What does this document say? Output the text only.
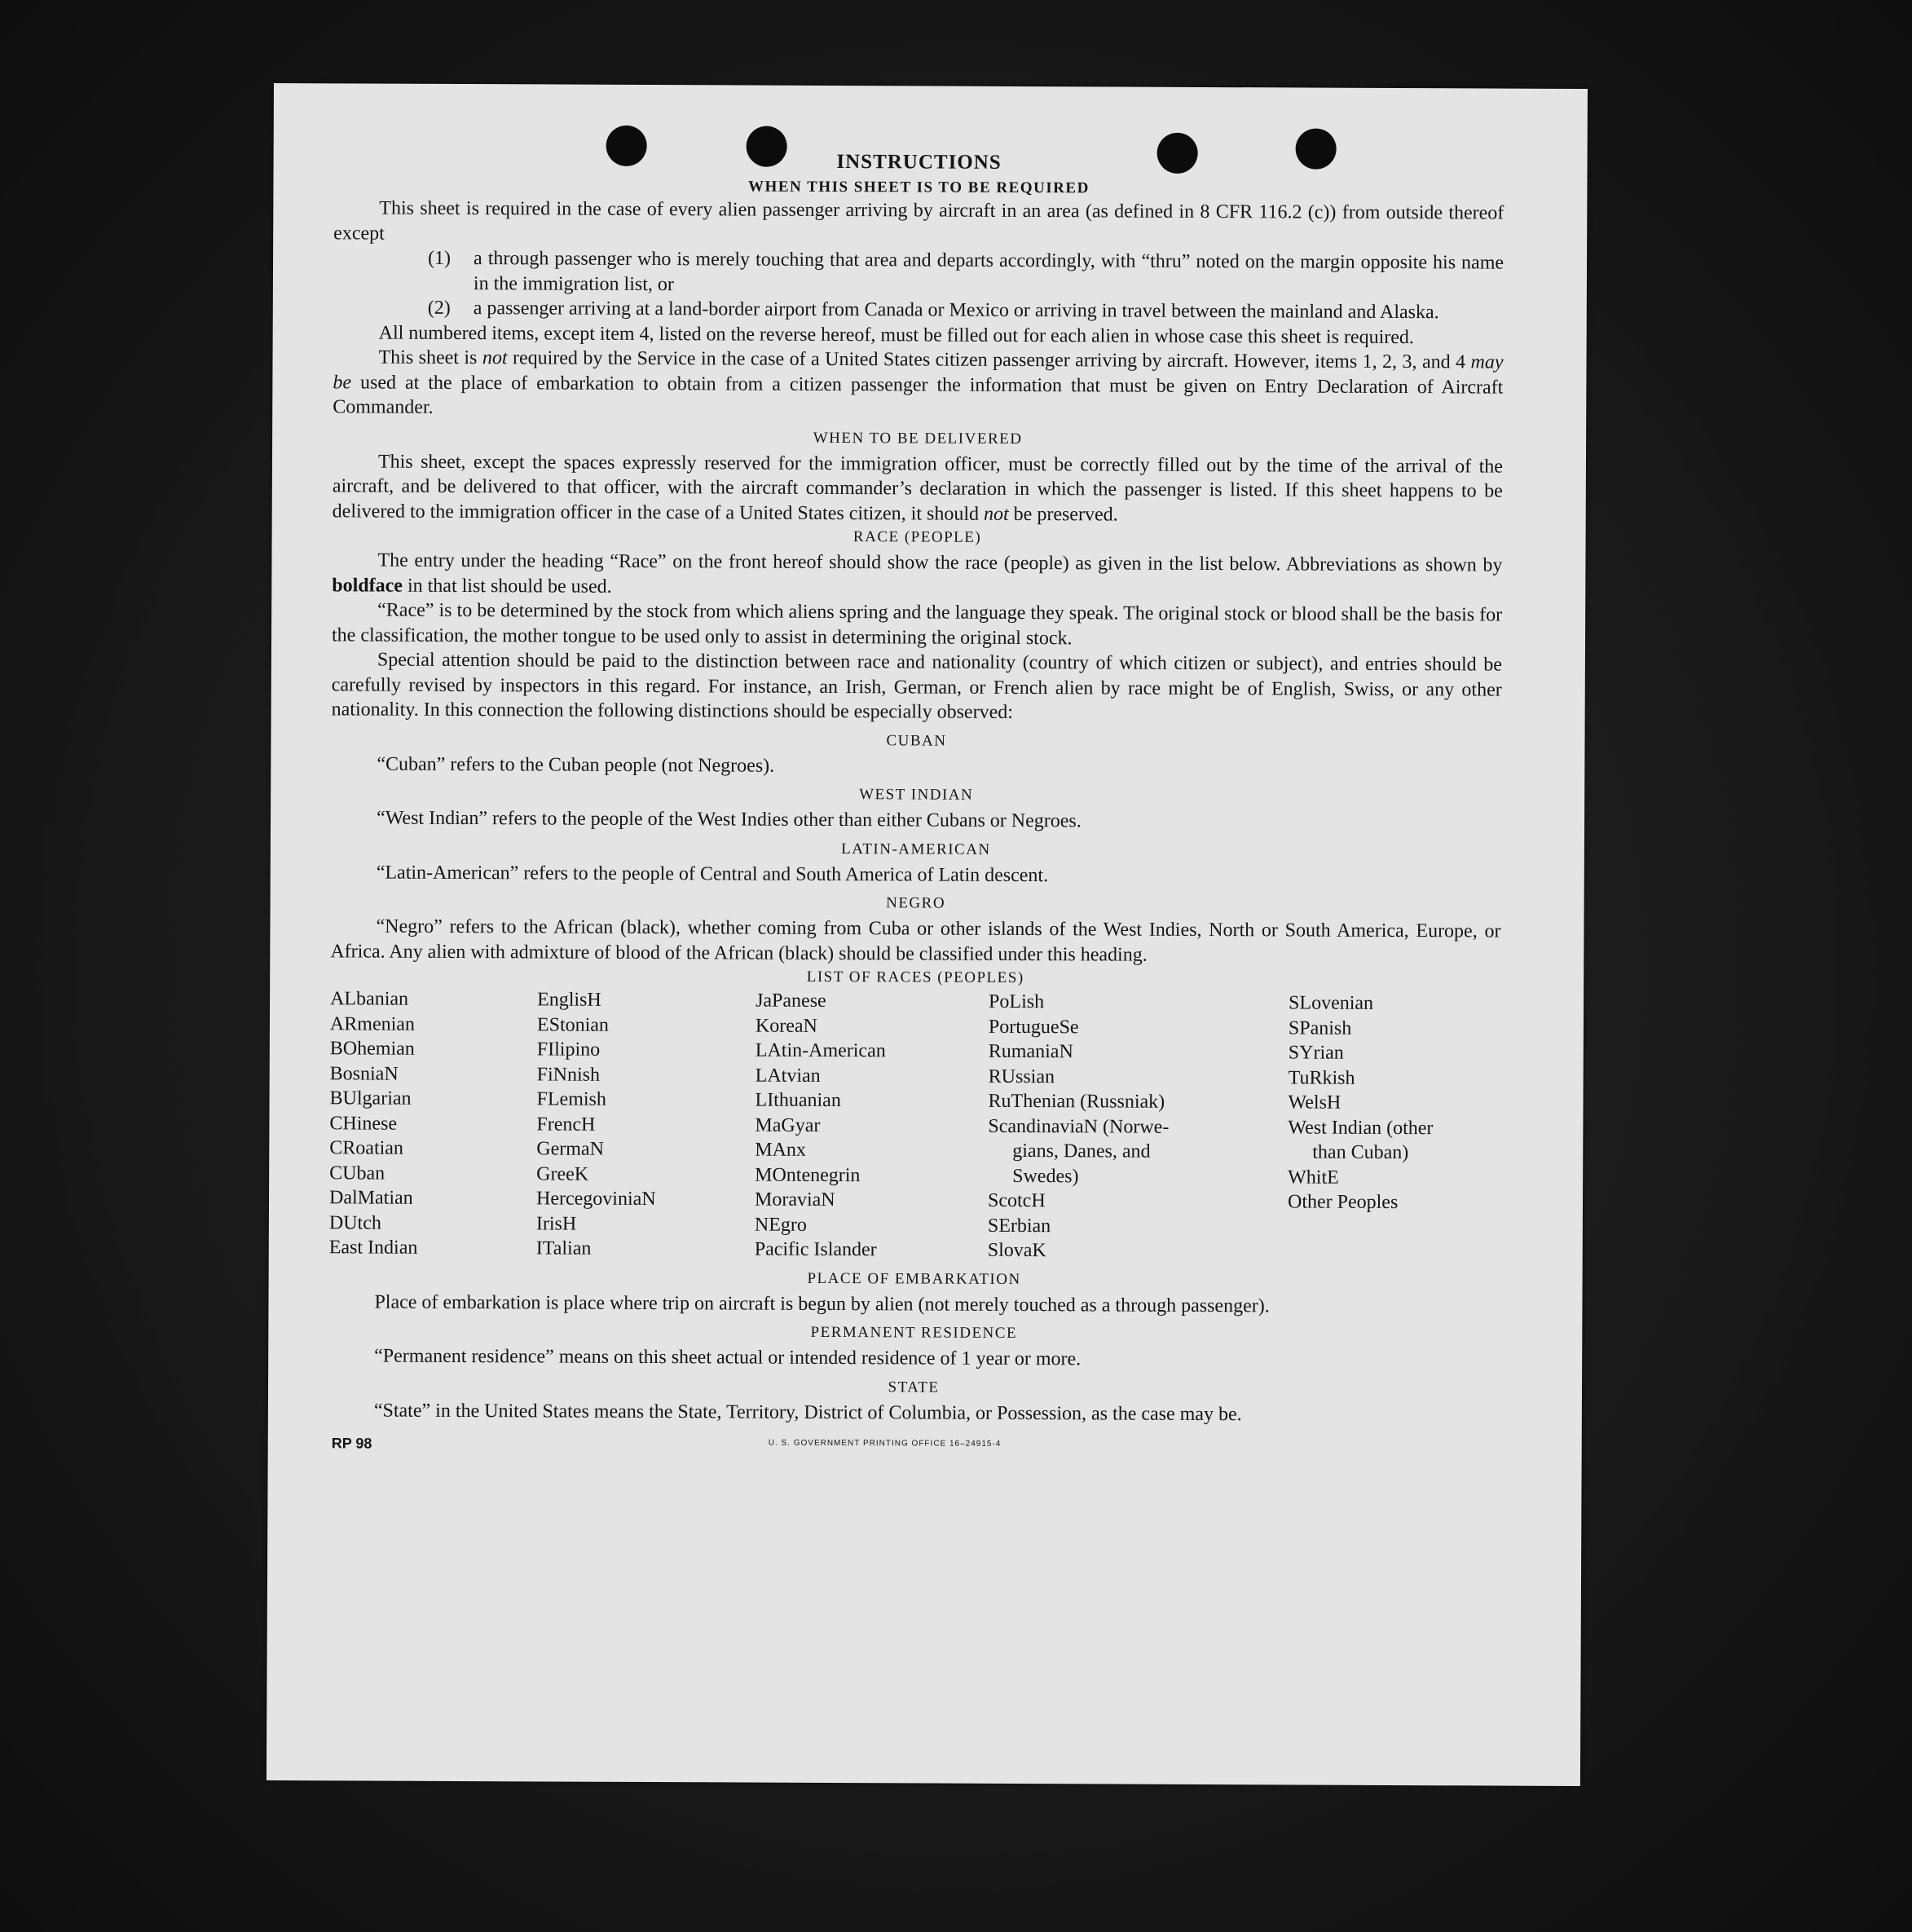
INSTRUCTIONS
WHEN THIS SHEET IS TO BE REQUIRED

This sheet is required in the case of every alien passenger arriving by aircraft in an area (as defined in 8 CFR 116.2 (c)) from outside thereof except

(1)	a through passenger who is merely touching that area and departs accordingly, with “thru” noted on the margin opposite his name in the immigration list, or
(2)	a passenger arriving at a land-border airport from Canada or Mexico or arriving in travel between the mainland and Alaska.

All numbered items, except item 4, listed on the reverse hereof, must be filled out for each alien in whose case this sheet is required.

This sheet is not required by the Service in the case of a United States citizen passenger arriving by aircraft. However, items 1, 2, 3, and 4 may be used at the place of embarkation to obtain from a citizen passenger the information that must be given on Entry Declaration of Aircraft Commander.

WHEN TO BE DELIVERED

This sheet, except the spaces expressly reserved for the immigration officer, must be correctly filled out by the time of the arrival of the aircraft, and be delivered to that officer, with the aircraft commander’s declaration in which the passenger is listed. If this sheet happens to be delivered to the immigration officer in the case of a United States citizen, it should not be preserved.

RACE (PEOPLE)

The entry under the heading “Race” on the front hereof should show the race (people) as given in the list below. Abbreviations as shown by boldface in that list should be used.

“Race” is to be determined by the stock from which aliens spring and the language they speak. The original stock or blood shall be the basis for the classification, the mother tongue to be used only to assist in determining the original stock.

Special attention should be paid to the distinction between race and nationality (country of which citizen or subject), and entries should be carefully revised by inspectors in this regard. For instance, an Irish, German, or French alien by race might be of English, Swiss, or any other nationality. In this connection the following distinctions should be especially observed:

CUBAN

“Cuban” refers to the Cuban people (not Negroes).

WEST INDIAN

“West Indian” refers to the people of the West Indies other than either Cubans or Negroes.

LATIN-AMERICAN

“Latin-American” refers to the people of Central and South America of Latin descent.

NEGRO

“Negro” refers to the African (black), whether coming from Cuba or other islands of the West Indies, North or South America, Europe, or Africa. Any alien with admixture of blood of the African (black) should be classified under this heading.

LIST OF RACES (PEOPLES)
ALbanian
ARmenian
BOhemian
BosniaN
BUlgarian
CHinese
CRoatian
CUban
DalMatian
DUtch
East Indian
EnglisH
EStonian
FIlipino
FiNnish
FLemish
FrencH
GermaN
GreeK
HercegoviniaN
IrisH
ITalian
JaPanese
KoreaN
LAtin-American
LAtvian
LIthuanian
MaGyar
MAnx
MOntenegrin
MoraviaN
NEgro
Pacific Islander
PoLish
PortugueSe
RumaniaN
RUssian
RuThenian (Russniak)
ScandinaviaN (Norwe-
gians, Danes, and
Swedes)
ScotcH
SErbian
SlovaK
SLovenian
SPanish
SYrian
TuRkish
WelsH
West Indian (other
than Cuban)
WhitE
Other Peoples
PLACE OF EMBARKATION

Place of embarkation is place where trip on aircraft is begun by alien (not merely touched as a through passenger).

PERMANENT RESIDENCE

“Permanent residence” means on this sheet actual or intended residence of 1 year or more.

STATE

“State” in the United States means the State, Territory, District of Columbia, or Possession, as the case may be.

RP 98	U. S. GOVERNMENT PRINTING OFFICE 16–24915-4
